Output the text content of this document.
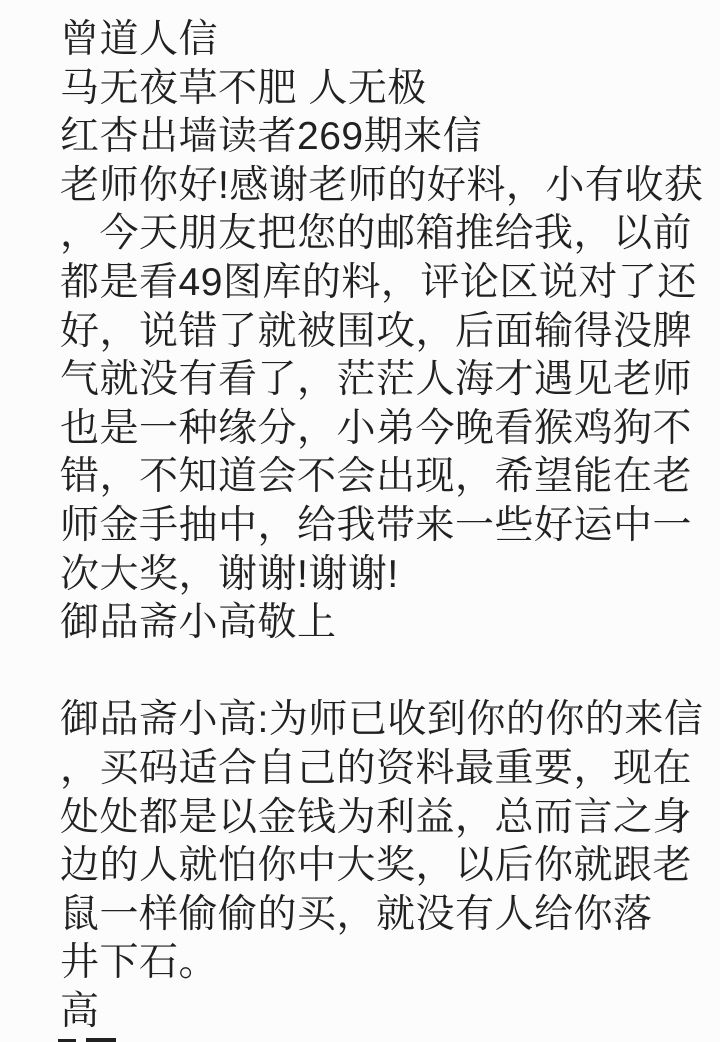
曾道人信
马无夜草不肥 人无极
红杏出墙读者269期来信
老师你好!感谢老师的好料，小有收获
，今天朋友把您的邮箱推给我，以前
都是看49图库的料，评论区说对了还
好，说错了就被围攻，后面输得没脾
气就没有看了，茫茫人海才遇见老师
也是一种缘分，小弟今晚看猴鸡狗不
错，不知道会不会出现，希望能在老
师金手抽中，给我带来一些好运中一
次大奖，谢谢!谢谢!
御品斋小高敬上
御品斋小高:为师已收到你的你的来信
，买码适合自己的资料最重要，现在
处处都是以金钱为利益，总而言之身
边的人就怕你中大奖，以后你就跟老
鼠一样偷偷的买，就没有人给你落
井下石。
高
